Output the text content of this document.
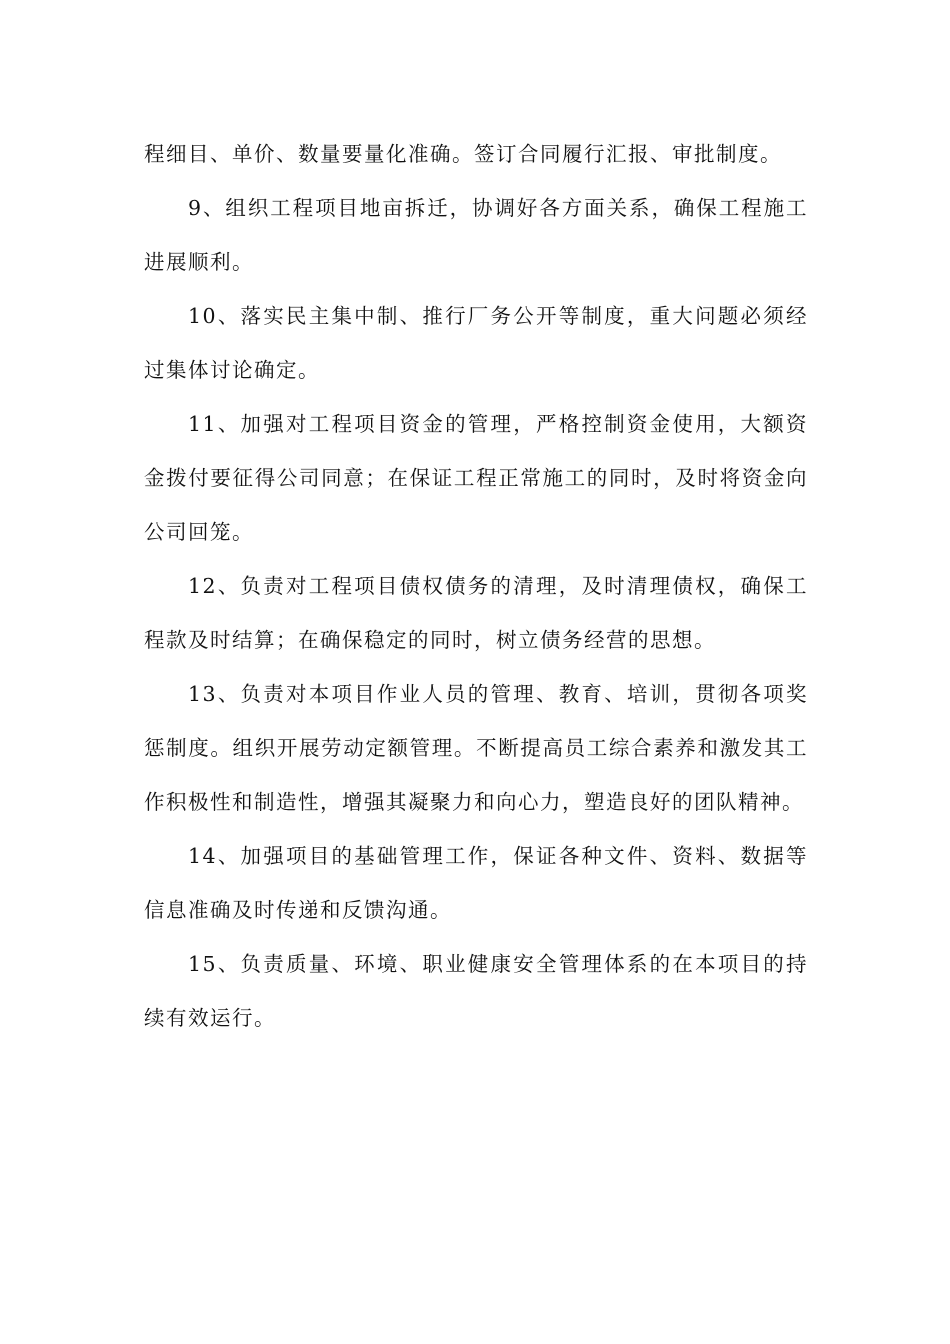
程细目、单价、数量要量化准确。签订合同履行汇报、审批制度。

9、组织工程项目地亩拆迁，协调好各方面关系，确保工程施工进展顺利。

10、落实民主集中制、推行厂务公开等制度，重大问题必须经过集体讨论确定。

11、加强对工程项目资金的管理，严格控制资金使用，大额资金拨付要征得公司同意；在保证工程正常施工的同时，及时将资金向公司回笼。

12、负责对工程项目债权债务的清理，及时清理债权，确保工程款及时结算；在确保稳定的同时，树立债务经营的思想。

13、负责对本项目作业人员的管理、教育、培训，贯彻各项奖惩制度。组织开展劳动定额管理。不断提高员工综合素养和激发其工作积极性和制造性，增强其凝聚力和向心力，塑造良好的团队精神。

14、加强项目的基础管理工作，保证各种文件、资料、数据等信息准确及时传递和反馈沟通。

15、负责质量、环境、职业健康安全管理体系的在本项目的持续有效运行。
